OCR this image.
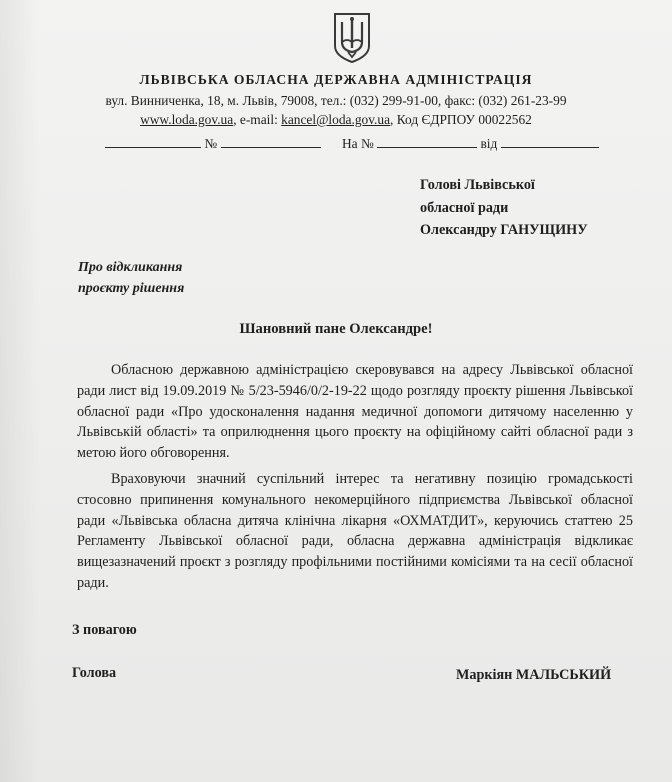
ЛЬВІВСЬКА ОБЛАСНА ДЕРЖАВНА АДМІНІСТРАЦІЯ
вул. Винниченка, 18, м. Львів, 79008, тел.: (032) 299-91-00, факс: (032) 261-23-99
www.loda.gov.ua, e-mail: kancel@loda.gov.ua, Код ЄДРПОУ 00022562
№	На №	від
Голові Львівської
обласної ради
Олександру ГАНУЩИНУ
Про відкликання
проєкту рішення
Шановний пане Олександре!
Обласною державною адміністрацією скеровувався на адресу Львівської обласної ради лист від 19.09.2019 № 5/23-5946/0/2-19-22 щодо розгляду проєкту рішення Львівської обласної ради «Про удосконалення надання медичної допомоги дитячому населенню у Львівській області» та оприлюднення цього проєкту на офіційному сайті обласної ради з метою його обговорення.
Враховуючи значний суспільний інтерес та негативну позицію громадськості стосовно припинення комунального некомерційного підприємства Львівської обласної ради «Львівська обласна дитяча клінічна лікарня «ОХМАТДИТ», керуючись статтею 25 Регламенту Львівської обласної ради, обласна державна адміністрація відкликає вищезазначений проєкт з розгляду профільними постійними комісіями та на сесії обласної ради.
З повагою
Голова	Маркіян МАЛЬСЬКИЙ
